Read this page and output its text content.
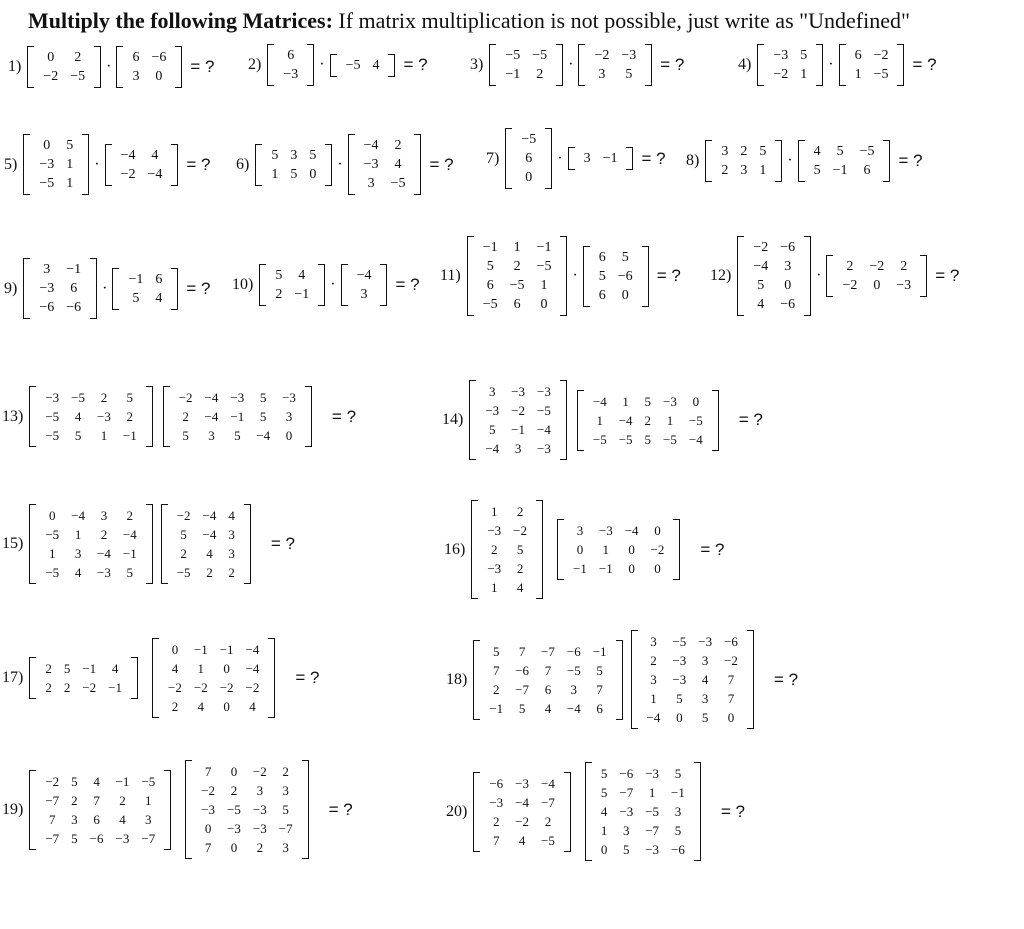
Multiply the following Matrices: If matrix multiplication is not possible, just write as "Undefined"
1)
0	2
−2	−5
·
6	−6
3	0
= ? 2)
6
−3
· −5	4 = ?	3)
−5	−5
−1	2
·
−2	−3
3	5
= ?	4)
−3	5
−2	1
·
6	−2
1	−5
= ?
5)
0	5
−3	1
−5	1
·
−4	4
−2	−4
= ? 6)
5	3	5
1	5	0
·
−4	2
−3	4
3	−5
= ? 7)
−5
6
0
· 3	−1 = ? 8)
3	2	5
2	3	1
·
4	5	−5
5	−1	6
= ?
9)
3	−1
−3	6
−6	−6
·
−1	6
5	4
= ? 10)
5	4
2	−1
·
−4
3
= ? 11)
−1	1	−1
5	2	−5
6	−5	1
−5	6	0
·
6	5
5	−6
6	0
= ? 12)
−2	−6
−4	3
5	0
4	−6
·
2	−2	2
−2	0	−3
= ?
13)
−3	−5	2	5
−5	4	−3	2
−5	5	1	−1
−2	−4	−3	5	−3
2	−4	−1	5	3
5	3	5	−4	0
= ?	14)
3	−3	−3
−3	−2	−5
5	−1	−4
−4	3	−3
−4	1	5	−3	0
1	−4	2	1	−5
−5	−5	5	−5	−4
= ?
15)
0	−4	3	2
−5	1	2	−4
1	3	−4	−1
−5	4	−3	5
−2	−4	4
5	−4	3
2	4	3
−5	2	2
= ?	16)
1	2
−3	−2
2	5
−3	2
1	4
3	−3	−4	0
0	1	0	−2
−1	−1	0	0
= ?
17)
2	5	−1	4
2	2	−2	−1
0	−1	−1	−4
4	1	0	−4
−2	−2	−2	−2
2	4	0	4
= ?	18)
5	7	−7	−6	−1
7	−6	7	−5	5
2	−7	6	3	7
−1	5	4	−4	6
3	−5	−3	−6
2	−3	3	−2
3	−3	4	7
1	5	3	7
−4	0	5	0
= ?
19)
−2	5	4	−1	−5
−7	2	7	2	1
7	3	6	4	3
−7	5	−6	−3	−7
7	0	−2	2
−2	2	3	3
−3	−5	−3	5
0	−3	−3	−7
7	0	2	3
= ?	20)
−6	−3	−4
−3	−4	−7
2	−2	2
7	4	−5
5	−6	−3	5
5	−7	1	−1
4	−3	−5	3
1	3	−7	5
0	5	−3	−6
= ?
